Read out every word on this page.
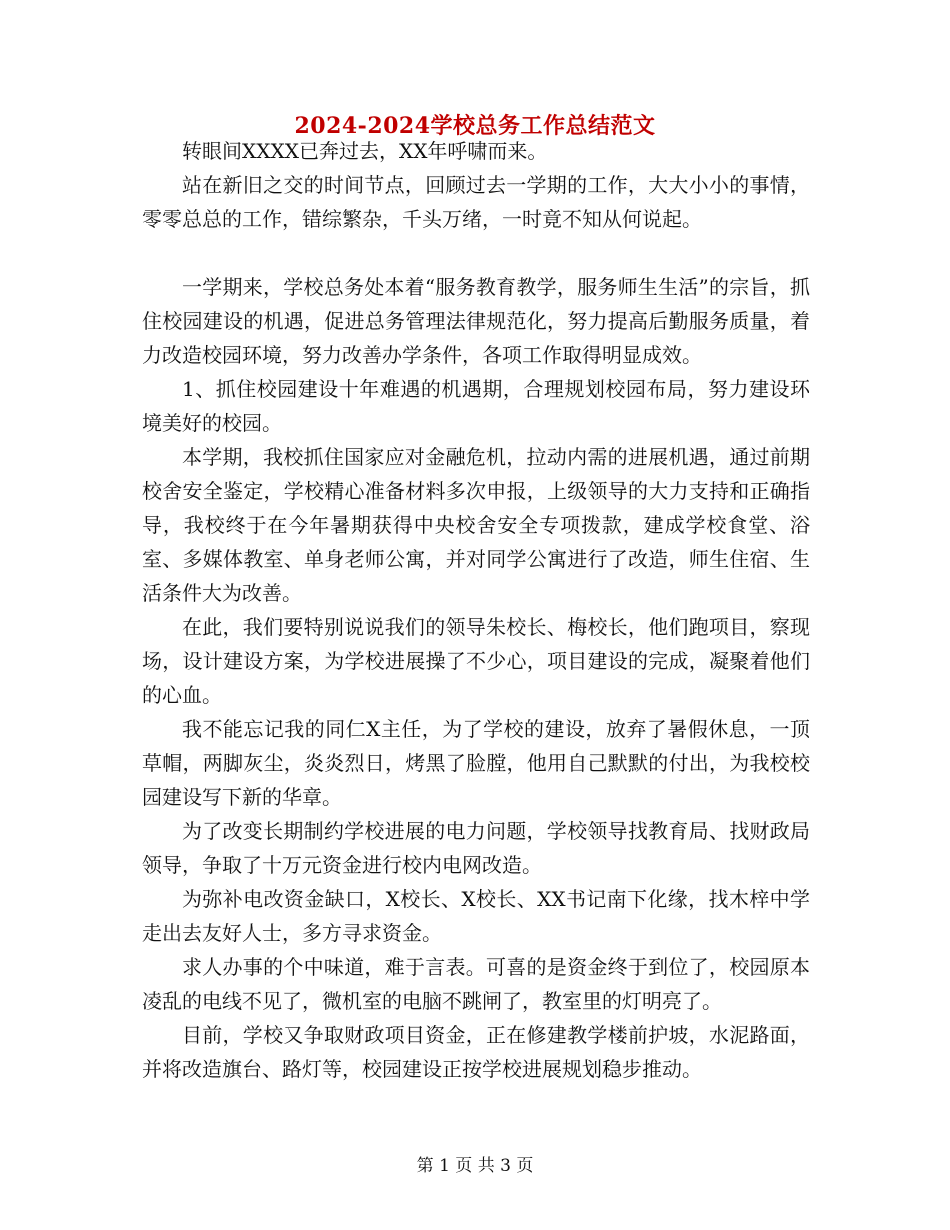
2024-2024学校总务工作总结范文

转眼间XXXX已奔过去，XX年呼啸而来。

站在新旧之交的时间节点，回顾过去一学期的工作，大大小小的事情，零零总总的工作，错综繁杂，千头万绪，一时竟不知从何说起。

一学期来，学校总务处本着“服务教育教学，服务师生生活”的宗旨，抓住校园建设的机遇，促进总务管理法律规范化，努力提高后勤服务质量，着力改造校园环境，努力改善办学条件，各项工作取得明显成效。

1、抓住校园建设十年难遇的机遇期，合理规划校园布局，努力建设环境美好的校园。

本学期，我校抓住国家应对金融危机，拉动内需的进展机遇，通过前期校舍安全鉴定，学校精心准备材料多次申报，上级领导的大力支持和正确指导，我校终于在今年暑期获得中央校舍安全专项拨款，建成学校食堂、浴室、多媒体教室、单身老师公寓，并对同学公寓进行了改造，师生住宿、生活条件大为改善。

在此，我们要特别说说我们的领导朱校长、梅校长，他们跑项目，察现场，设计建设方案，为学校进展操了不少心，项目建设的完成，凝聚着他们的心血。

我不能忘记我的同仁X主任，为了学校的建设，放弃了暑假休息，一顶草帽，两脚灰尘，炎炎烈日，烤黑了脸膛，他用自己默默的付出，为我校校园建设写下新的华章。

为了改变长期制约学校进展的电力问题，学校领导找教育局、找财政局领导，争取了十万元资金进行校内电网改造。

为弥补电改资金缺口，X校长、X校长、XX书记南下化缘，找木梓中学走出去友好人士，多方寻求资金。

求人办事的个中味道，难于言表。可喜的是资金终于到位了，校园原本凌乱的电线不见了，微机室的电脑不跳闸了，教室里的灯明亮了。

目前，学校又争取财政项目资金，正在修建教学楼前护坡，水泥路面，并将改造旗台、路灯等，校园建设正按学校进展规划稳步推动。

第 1 页 共 3 页
